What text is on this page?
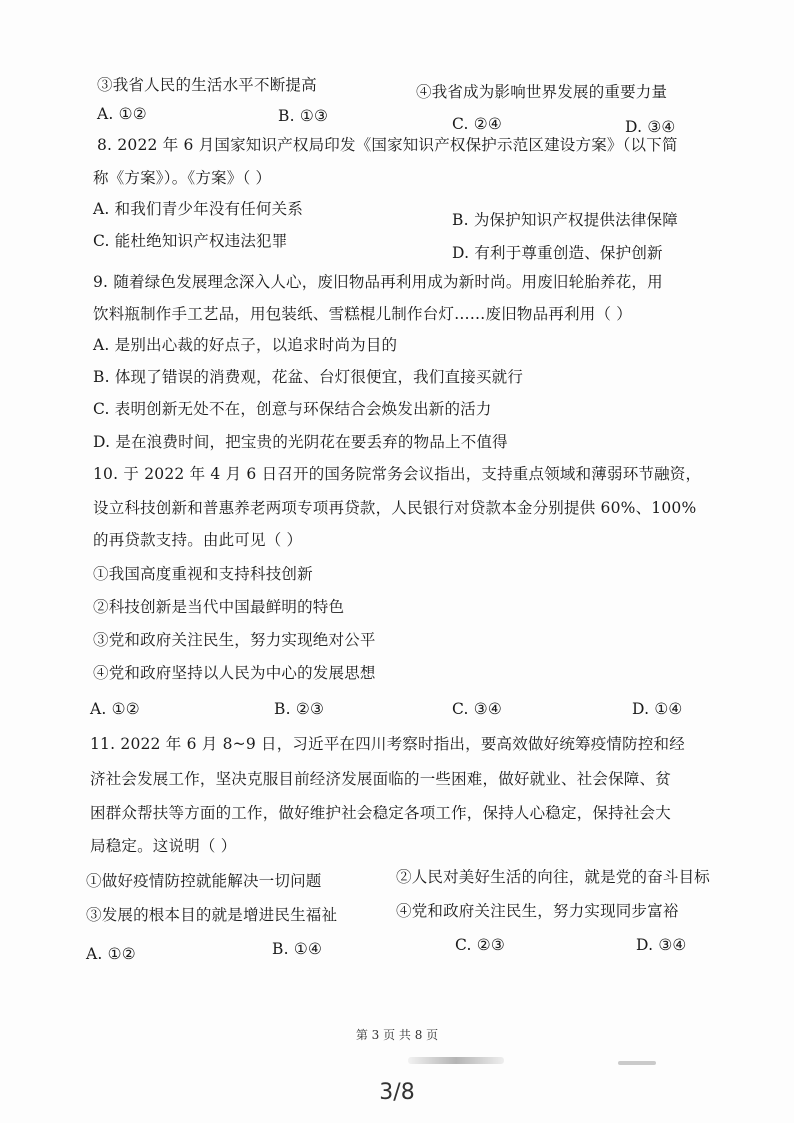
③我省人民的生活水平不断提高	④我省成为影响世界发展的重要力量
A. ①②	B. ①③	C. ②④	D. ③④
8. 2022 年 6 月国家知识产权局印发《国家知识产权保护示范区建设方案》（以下简
称《方案》）。《方案》（ ）
A. 和我们青少年没有任何关系
B. 为保护知识产权提供法律保障
C. 能杜绝知识产权违法犯罪
D. 有利于尊重创造、保护创新
9. 随着绿色发展理念深入人心，废旧物品再利用成为新时尚。用废旧轮胎养花，用
饮料瓶制作手工艺品，用包装纸、雪糕棍儿制作台灯……废旧物品再利用（ ）
A. 是别出心裁的好点子，以追求时尚为目的
B. 体现了错误的消费观，花盆、台灯很便宜，我们直接买就行
C. 表明创新无处不在，创意与环保结合会焕发出新的活力
D. 是在浪费时间，把宝贵的光阴花在要丢弃的物品上不值得
10. 于 2022 年 4 月 6 日召开的国务院常务会议指出，支持重点领域和薄弱环节融资，
设立科技创新和普惠养老两项专项再贷款，人民银行对贷款本金分别提供 60%、100%
的再贷款支持。由此可见（ ）
①我国高度重视和支持科技创新
②科技创新是当代中国最鲜明的特色
③党和政府关注民生，努力实现绝对公平
④党和政府坚持以人民为中心的发展思想
A. ①②	B. ②③	C. ③④	D. ①④
11. 2022 年 6 月 8~9 日，习近平在四川考察时指出，要高效做好统筹疫情防控和经
济社会发展工作，坚决克服目前经济发展面临的一些困难，做好就业、社会保障、贫
困群众帮扶等方面的工作，做好维护社会稳定各项工作，保持人心稳定，保持社会大
局稳定。这说明（ ）
①做好疫情防控就能解决一切问题	②人民对美好生活的向往，就是党的奋斗目标
③发展的根本目的就是增进民生福祉	④党和政府关注民生，努力实现同步富裕
A. ①②	B. ①④	C. ②③	D. ③④
第 3 页 共 8 页
3/8
